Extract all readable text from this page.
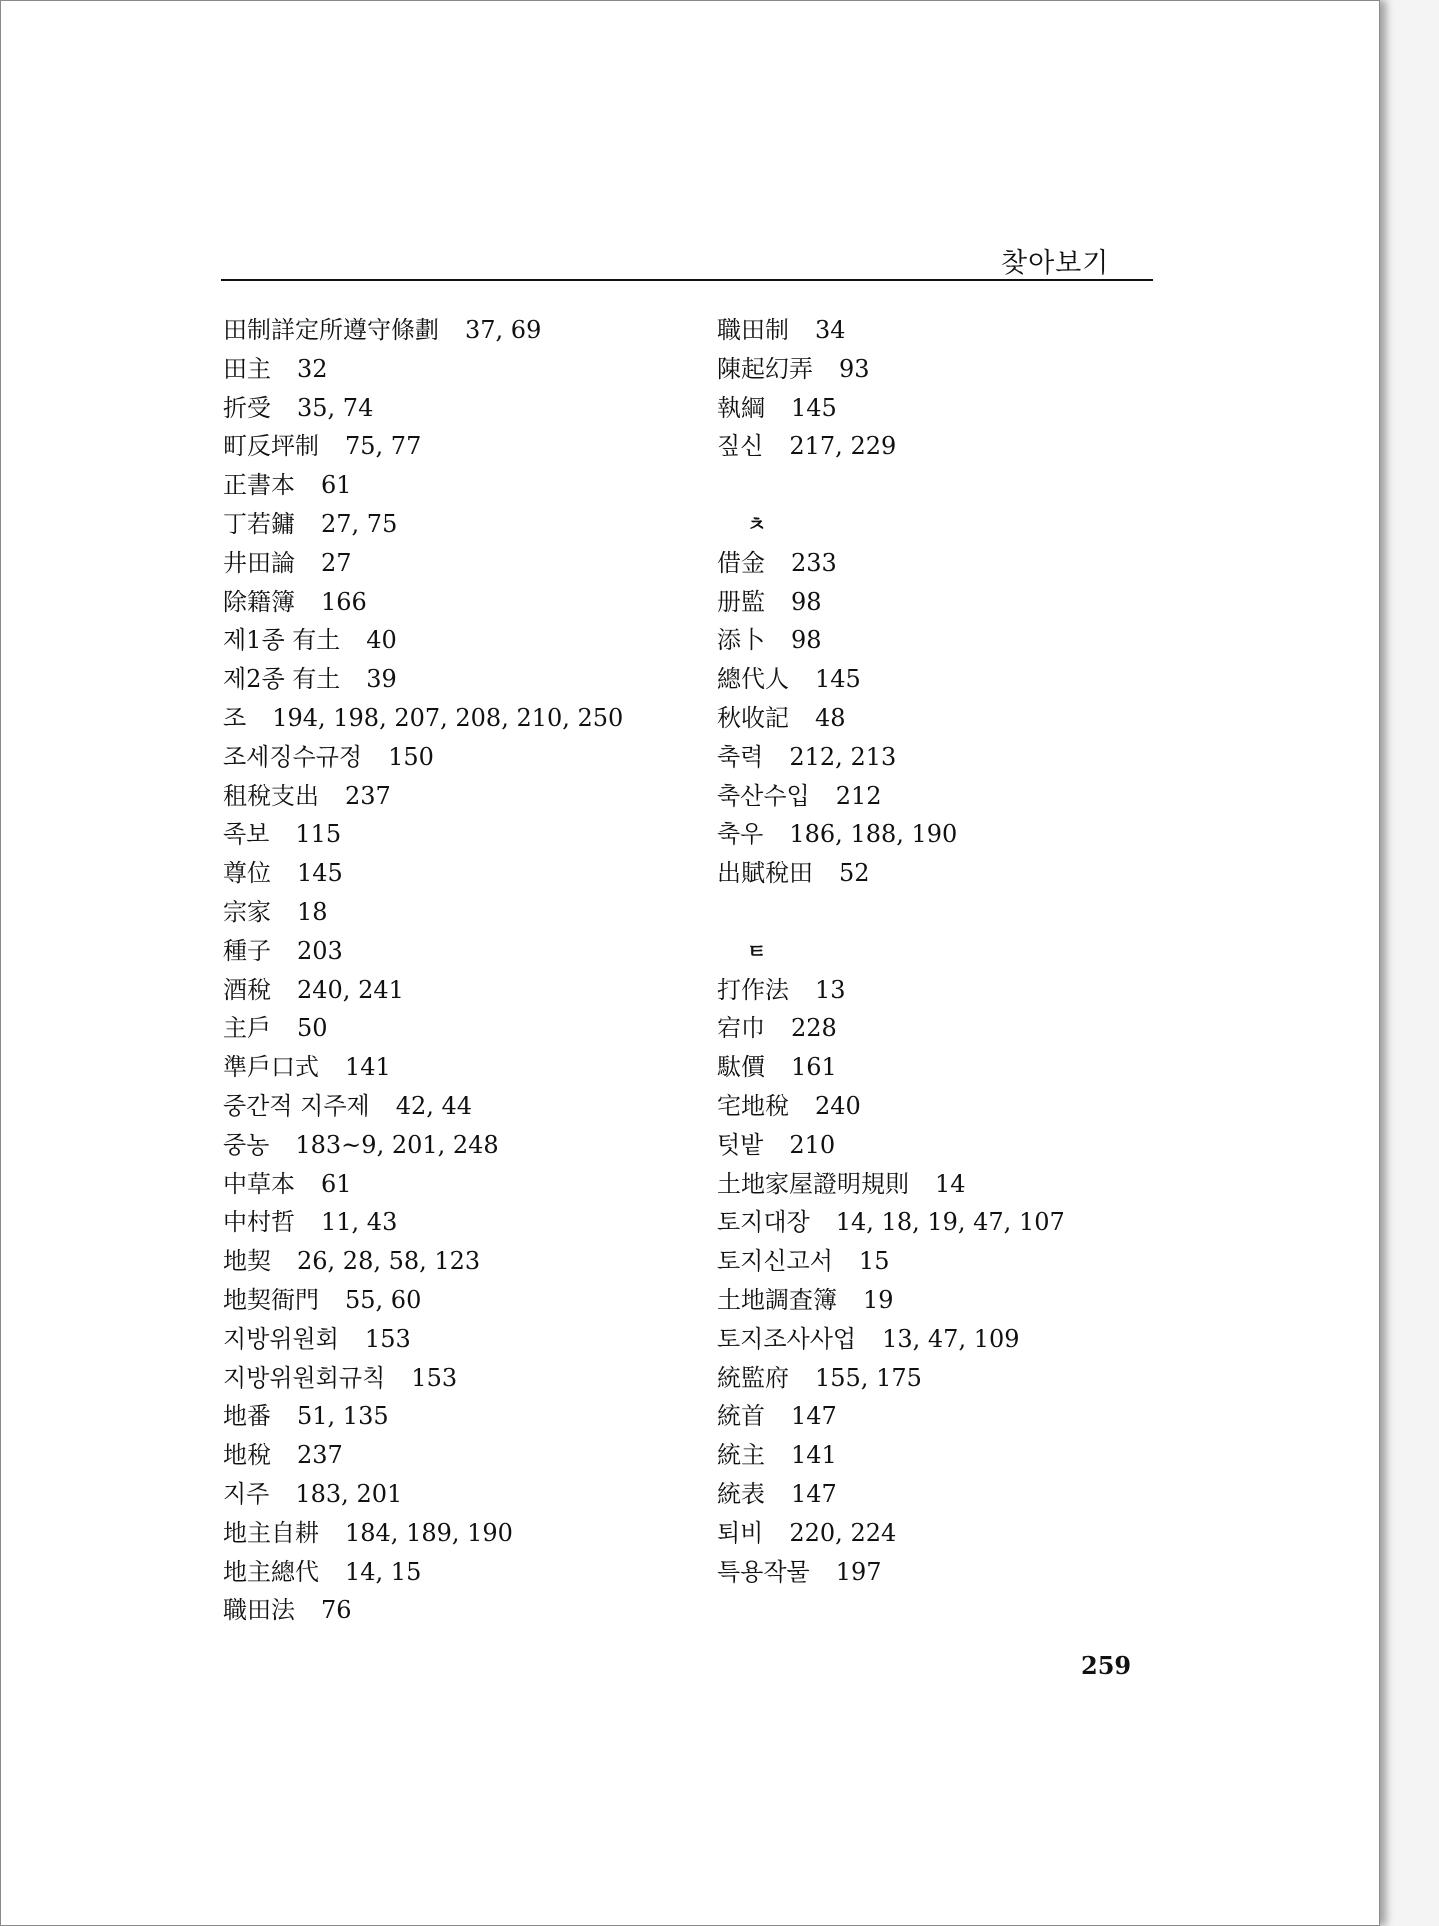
찾아보기
田制詳定所遵守條劃 37, 69
田主 32
折受 35, 74
町反坪制 75, 77
正書本 61
丁若鏞 27, 75
井田論 27
除籍簿 166
제1종 有土 40
제2종 有土 39
조 194, 198, 207, 208, 210, 250
조세징수규정 150
租稅支出 237
족보 115
尊位 145
宗家 18
種子 203
酒稅 240, 241
主戶 50
準戶口式 141
중간적 지주제 42, 44
중농 183~9, 201, 248
中草本 61
中村哲 11, 43
地契 26, 28, 58, 123
地契衙門 55, 60
지방위원회 153
지방위원회규칙 153
地番 51, 135
地稅 237
지주 183, 201
地主自耕 184, 189, 190
地主總代 14, 15
職田法 76
職田制 34
陳起幻弄 93
執綱 145
짚신 217, 229
ㅊ
借金 233
册監 98
添卜 98
總代人 145
秋收記 48
축력 212, 213
축산수입 212
축우 186, 188, 190
出賦稅田 52
ㅌ
打作法 13
宕巾 228
駄價 161
宅地稅 240
텃밭 210
土地家屋證明規則 14
토지대장 14, 18, 19, 47, 107
토지신고서 15
土地調査簿 19
토지조사사업 13, 47, 109
統監府 155, 175
統首 147
統主 141
統表 147
퇴비 220, 224
특용작물 197
259
